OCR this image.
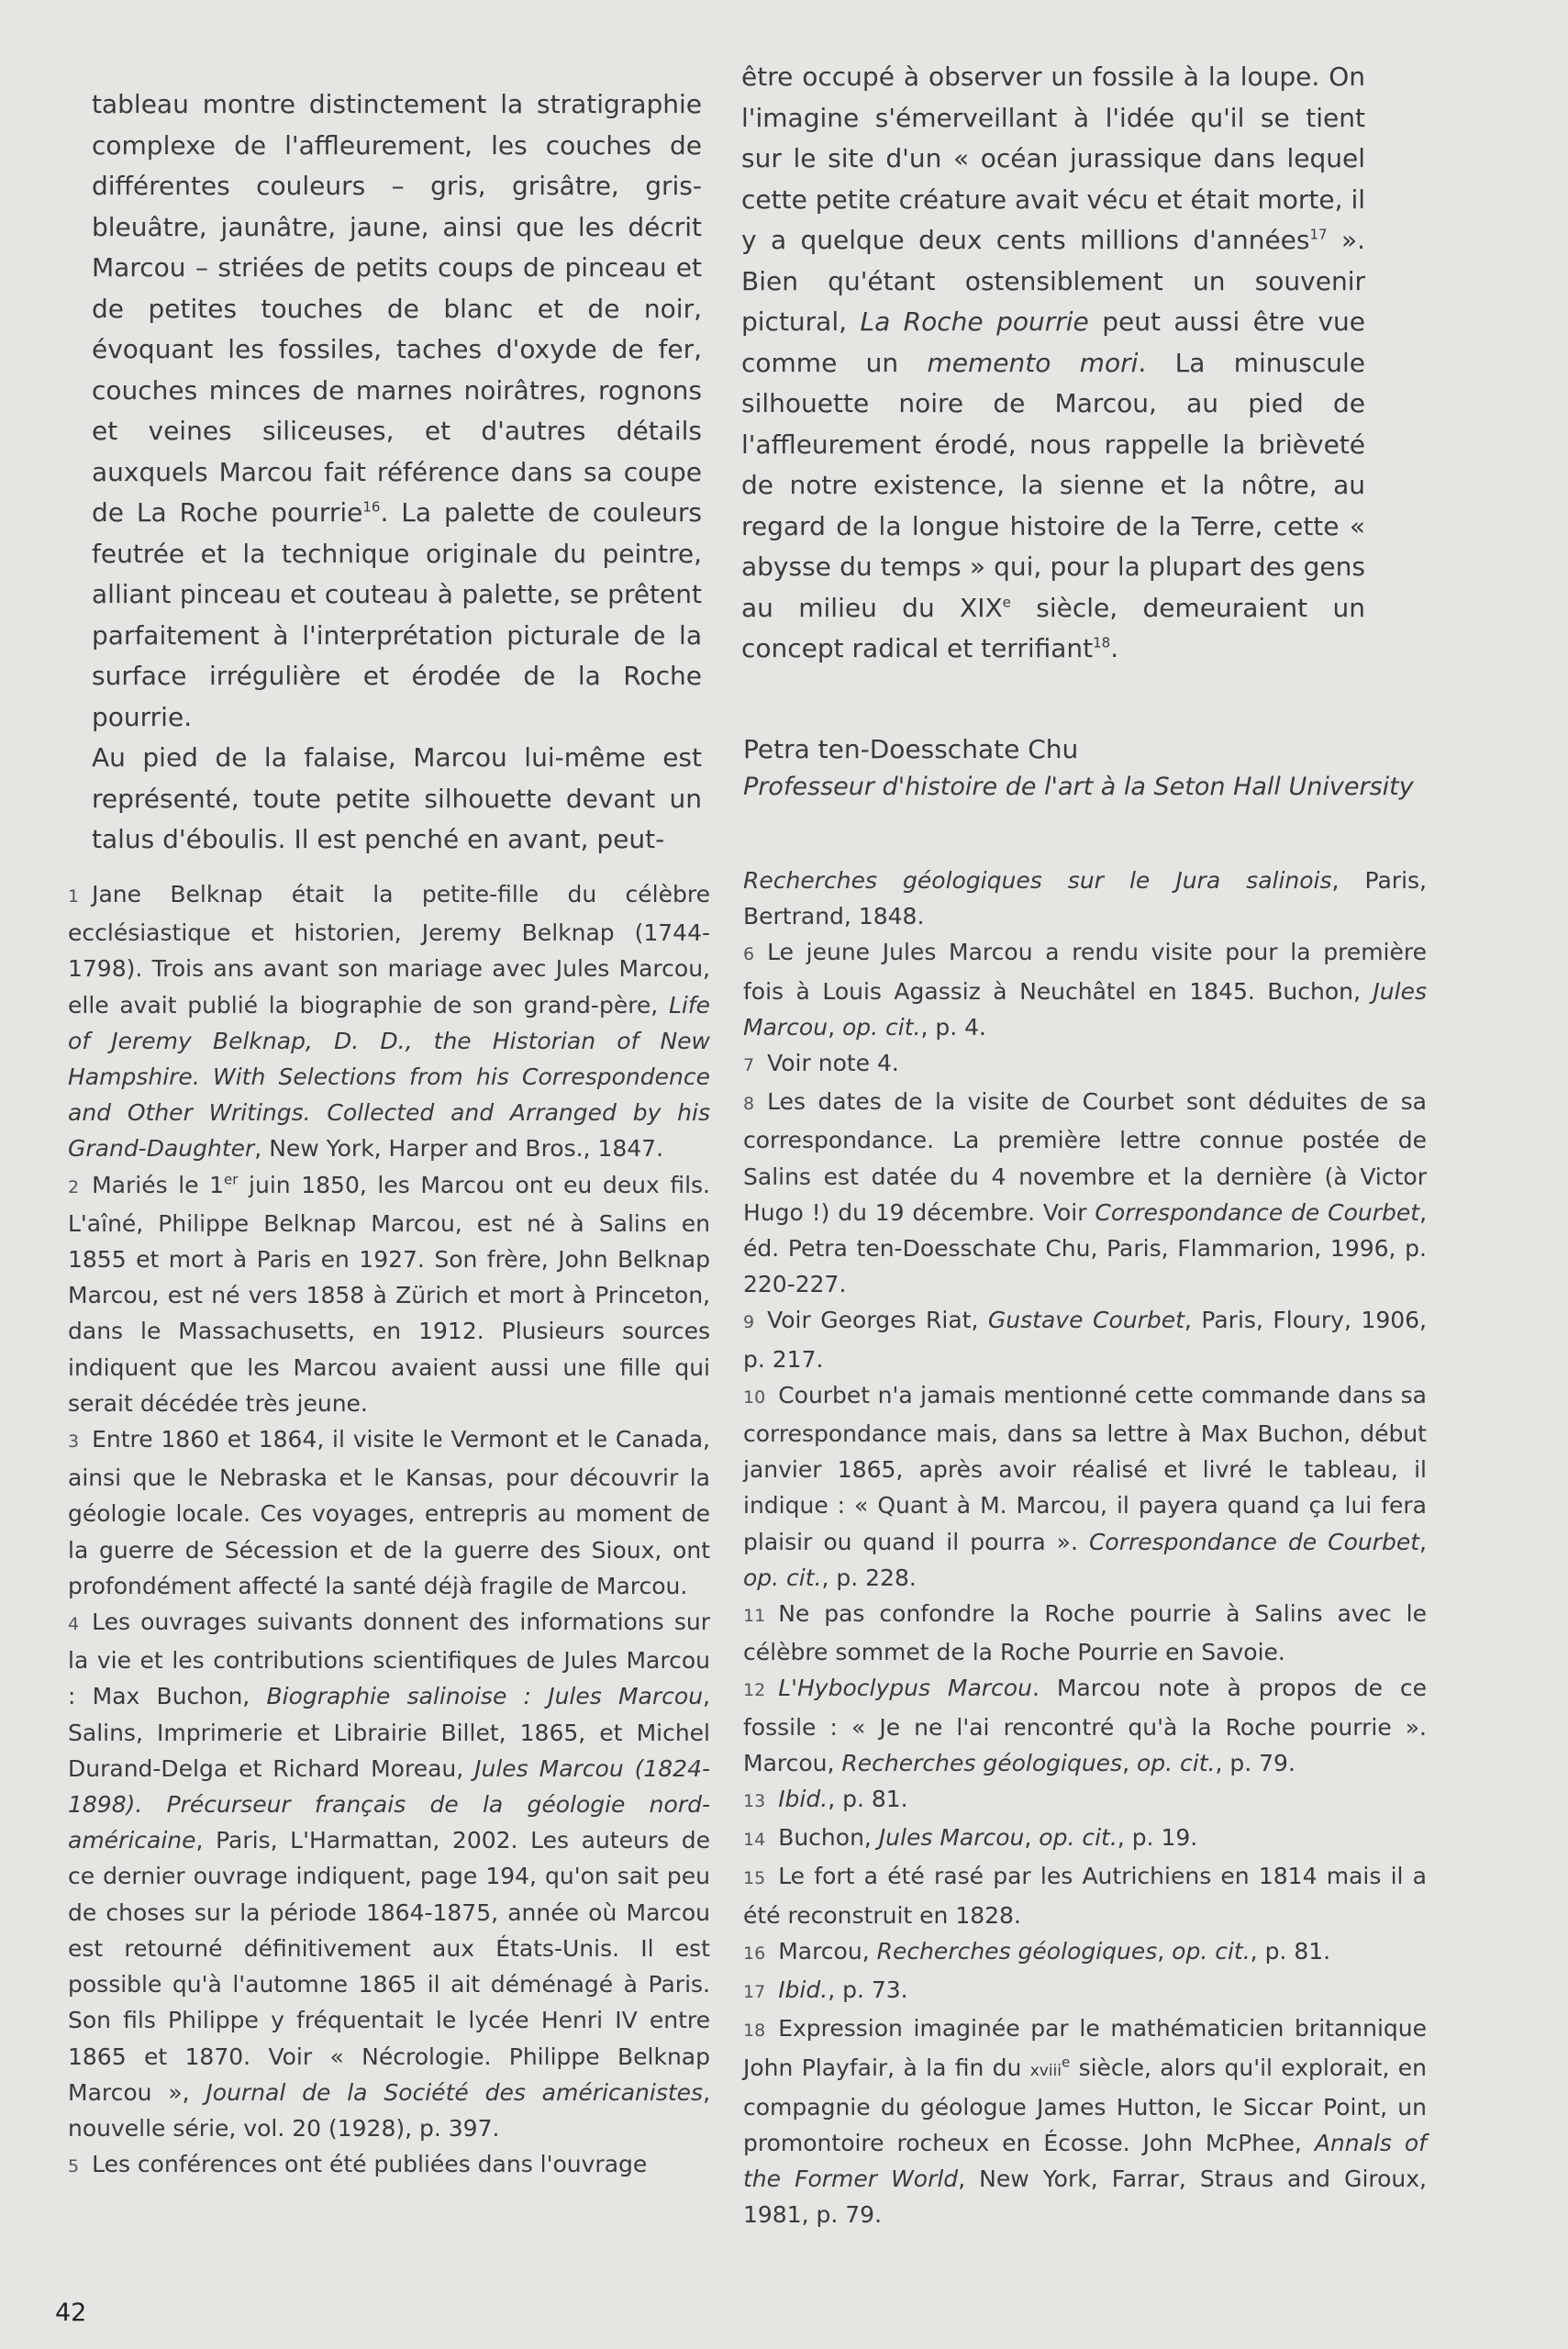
tableau montre distinctement la stratigraphie complexe de l'affleurement, les couches de différentes couleurs – gris, grisâtre, gris-bleuâtre, jaunâtre, jaune, ainsi que les décrit Marcou – striées de petits coups de pinceau et de petites touches de blanc et de noir, évoquant les fossiles, taches d'oxyde de fer, couches minces de marnes noirâtres, rognons et veines siliceuses, et d'autres détails auxquels Marcou fait référence dans sa coupe de La Roche pourrie$^{16}$. La palette de couleurs feutrée et la technique originale du peintre, alliant pinceau et couteau à palette, se prêtent parfaitement à l'interprétation picturale de la surface irrégulière et érodée de la Roche pourrie.

Au pied de la falaise, Marcou lui-même est représenté, toute petite silhouette devant un talus d'éboulis. Il est penché en avant, peut-

être occupé à observer un fossile à la loupe. On l'imagine s'émerveillant à l'idée qu'il se tient sur le site d'un « océan jurassique dans lequel cette petite créature avait vécu et était morte, il y a quelque deux cents millions d'années$^{17}$ ». Bien qu'étant ostensiblement un souvenir pictural, La Roche pourrie peut aussi être vue comme un memento mori. La minuscule silhouette noire de Marcou, au pied de l'affleurement érodé, nous rappelle la brièveté de notre existence, la sienne et la nôtre, au regard de la longue histoire de la Terre, cette « abysse du temps » qui, pour la plupart des gens au milieu du XIXe siècle, demeuraient un concept radical et terrifiant$^{18}$.

Petra ten-Doesschate Chu
Professeur d'histoire de l'art à la Seton Hall University

1 Jane Belknap était la petite-fille du célèbre ecclésiastique et historien, Jeremy Belknap (1744-1798). Trois ans avant son mariage avec Jules Marcou, elle avait publié la biographie de son grand-père, Life of Jeremy Belknap, D. D., the Historian of New Hampshire. With Selections from his Correspondence and Other Writings. Collected and Arranged by his Grand-Daughter, New York, Harper and Bros., 1847.

2 Mariés le 1er juin 1850, les Marcou ont eu deux fils. L'aîné, Philippe Belknap Marcou, est né à Salins en 1855 et mort à Paris en 1927. Son frère, John Belknap Marcou, est né vers 1858 à Zürich et mort à Princeton, dans le Massachusetts, en 1912. Plusieurs sources indiquent que les Marcou avaient aussi une fille qui serait décédée très jeune.

3 Entre 1860 et 1864, il visite le Vermont et le Canada, ainsi que le Nebraska et le Kansas, pour découvrir la géologie locale. Ces voyages, entrepris au moment de la guerre de Sécession et de la guerre des Sioux, ont profondément affecté la santé déjà fragile de Marcou.

4 Les ouvrages suivants donnent des informations sur la vie et les contributions scientifiques de Jules Marcou : Max Buchon, Biographie salinoise : Jules Marcou, Salins, Imprimerie et Librairie Billet, 1865, et Michel Durand-Delga et Richard Moreau, Jules Marcou (1824-1898). Précurseur français de la géologie nord-américaine, Paris, L'Harmattan, 2002. Les auteurs de ce dernier ouvrage indiquent, page 194, qu'on sait peu de choses sur la période 1864-1875, année où Marcou est retourné définitivement aux États-Unis. Il est possible qu'à l'automne 1865 il ait déménagé à Paris. Son fils Philippe y fréquentait le lycée Henri IV entre 1865 et 1870. Voir « Nécrologie. Philippe Belknap Marcou », Journal de la Société des américanistes, nouvelle série, vol. 20 (1928), p. 397.

5 Les conférences ont été publiées dans l'ouvrage

Recherches géologiques sur le Jura salinois, Paris, Bertrand, 1848.

6 Le jeune Jules Marcou a rendu visite pour la première fois à Louis Agassiz à Neuchâtel en 1845. Buchon, Jules Marcou, op. cit., p. 4.

7 Voir note 4.

8 Les dates de la visite de Courbet sont déduites de sa correspondance. La première lettre connue postée de Salins est datée du 4 novembre et la dernière (à Victor Hugo !) du 19 décembre. Voir Correspondance de Courbet, éd. Petra ten-Doesschate Chu, Paris, Flammarion, 1996, p. 220-227.

9 Voir Georges Riat, Gustave Courbet, Paris, Floury, 1906, p. 217.

10 Courbet n'a jamais mentionné cette commande dans sa correspondance mais, dans sa lettre à Max Buchon, début janvier 1865, après avoir réalisé et livré le tableau, il indique : « Quant à M. Marcou, il payera quand ça lui fera plaisir ou quand il pourra ». Correspondance de Courbet, op. cit., p. 228.

11 Ne pas confondre la Roche pourrie à Salins avec le célèbre sommet de la Roche Pourrie en Savoie.

12 L'Hyboclypus Marcou. Marcou note à propos de ce fossile : « Je ne l'ai rencontré qu'à la Roche pourrie ». Marcou, Recherches géologiques, op. cit., p. 79.

13 Ibid., p. 81.

14 Buchon, Jules Marcou, op. cit., p. 19.

15 Le fort a été rasé par les Autrichiens en 1814 mais il a été reconstruit en 1828.

16 Marcou, Recherches géologiques, op. cit., p. 81.

17 Ibid., p. 73.

18 Expression imaginée par le mathématicien britannique John Playfair, à la fin du xviii$^e$ siècle, alors qu'il explorait, en compagnie du géologue James Hutton, le Siccar Point, un promontoire rocheux en Écosse. John McPhee, Annals of the Former World, New York, Farrar, Straus and Giroux, 1981, p. 79.

42
